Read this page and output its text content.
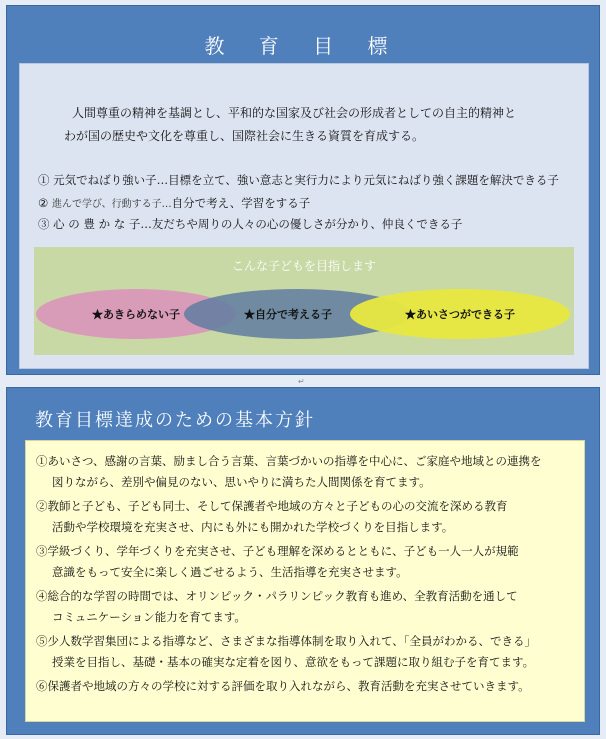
教 育 目 標
人間尊重の精神を基調とし、平和的な国家及び社会の形成者としての自主的精神と
わが国の歴史や文化を尊重し、国際社会に生きる資質を育成する。
① 元気でねばり強い子…目標を立て、強い意志と実行力により元気にねばり強く課題を解決できる子
② 進んで学び、行動する子…自分で考え、学習をする子
③ 心 の 豊 か な 子…友だちや周りの人々の心の優しさが分かり、仲良くできる子
こんな子どもを目指します
★あきらめない子	★自分で考える子	★あいさつができる子
↵
教育目標達成のための基本方針
①あいさつ、感謝の言葉、励まし合う言葉、言葉づかいの指導を中心に、ご家庭や地域との連携を
図りながら、差別や偏見のない、思いやりに満ちた人間関係を育てます。
②教師と子ども、子ども同士、そして保護者や地域の方々と子どもの心の交流を深める教育
活動や学校環境を充実させ、内にも外にも開かれた学校づくりを目指します。
③学級づくり、学年づくりを充実させ、子ども理解を深めるとともに、子ども一人一人が規範
意識をもって安全に楽しく過ごせるよう、生活指導を充実させます。
④総合的な学習の時間では、オリンピック・パラリンピック教育も進め、全教育活動を通して
コミュニケーション能力を育てます。
⑤少人数学習集団による指導など、さまざまな指導体制を取り入れて、「全員がわかる、できる」
授業を目指し、基礎・基本の確実な定着を図り、意欲をもって課題に取り組む子を育てます。
⑥保護者や地域の方々の学校に対する評価を取り入れながら、教育活動を充実させていきます。
